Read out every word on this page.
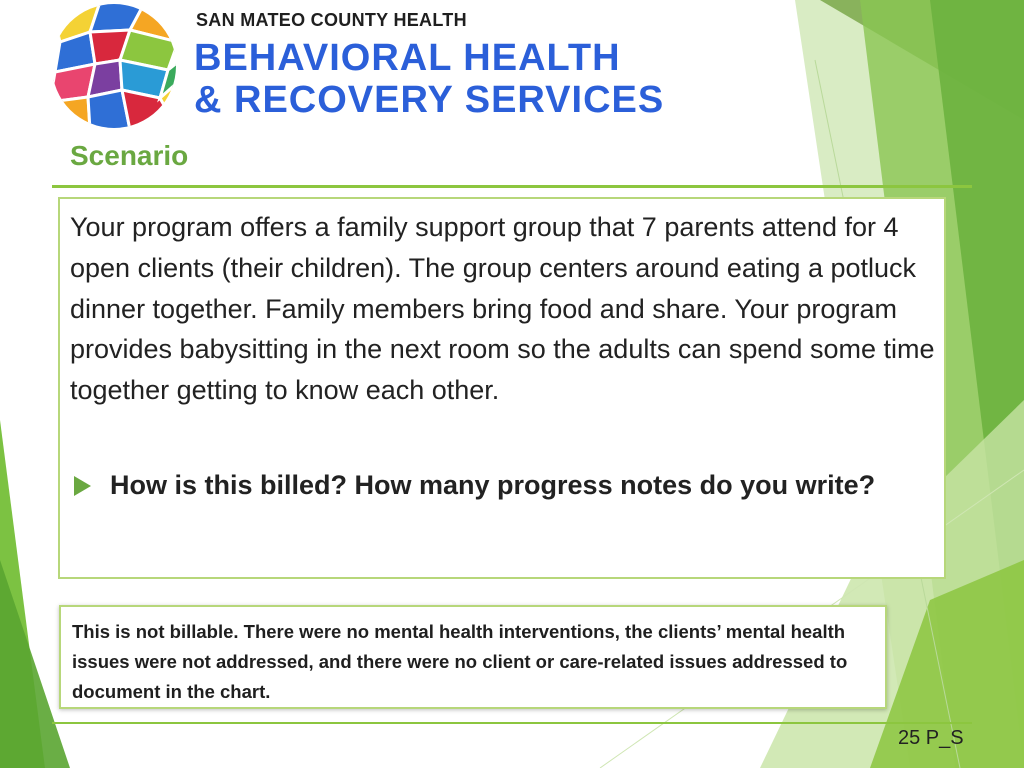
SAN MATEO COUNTY HEALTH
BEHAVIORAL HEALTH
& RECOVERY SERVICES
Scenario
Your program offers a family support group that 7 parents attend for 4 open clients (their children). The group centers around eating a potluck dinner together. Family members bring food and share. Your program provides babysitting in the next room so the adults can spend some time together getting to know each other.
How is this billed? How many progress notes do you write?
This is not billable. There were no mental health interventions, the clients’ mental health issues were not addressed, and there were no client or care-related issues addressed to document in the chart.
25 P_S
